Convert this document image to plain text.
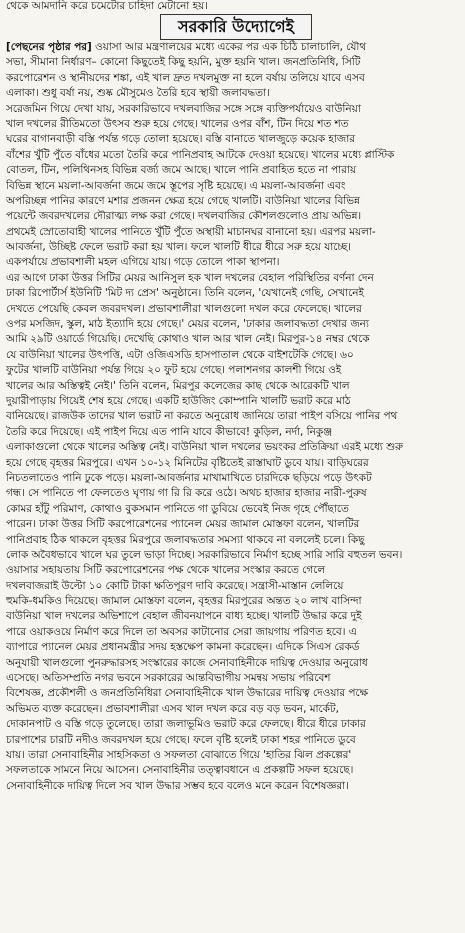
থেকে আমদানি করে চমেটোর চাহিদা মেটানো হয়।
সরকারি উদ্যোগেই
[পেছনের পৃষ্ঠার পর] ওয়াসা আর মন্ত্রণালয়ের মধ্যে একের পর এক চিঠি চালাচালি, যৌথ
সভা, সীমানা নির্ধারণ– কোনো কিছুতেই কিছু হয়নি, মুক্ত হয়নি খাল। জনপ্রতিনিধি, সিটি
করপোরেশন ও স্থানীয়দের শঙ্কা, এই খাল দ্রুত দখলমুক্ত না হলে বর্ষায় তলিয়ে যাবে এসব
এলাকা। শুধু বর্ষা নয়, শুষ্ক মৌসুমেও তৈরি হবে স্থায়ী জলাবদ্ধতা।
সরেজমিন গিয়ে দেখা যায়, সরকারিভাবে দখলবাজির সঙ্গে সঙ্গে ব্যক্তিপর্যায়েও বাউনিয়া
খাল দখলের রীতিমতো উৎসব শুরু হয়ে গেছে। খালের ওপর বাঁশ, টিন দিয়ে শত শত
ঘরের বাগানবাড়ী বস্তি পর্যন্ত গড়ে তোলা হয়েছে। বস্তি বানাতে খালজুড়ে কয়েক হাজার
বাঁশের খুঁটি পুঁতে বাঁধের মতো তৈরি করে পানিপ্রবাহ আটকে দেওয়া হয়েছে। খালের মধ্যে প্লাস্টিক
বোতল, টিন, পলিথিনসহ বিভিন্ন বর্জ্য জমে আছে। খালে পানি প্রবাহিত হতে না পারায়
বিভিন্ন স্থানে ময়লা-আবর্জনা জমে জমে স্তূপের সৃষ্টি হয়েছে। এ ময়লা-আবর্জনা এবং
অপরিচ্ছন্ন পানির কারণে মশার প্রজনন ক্ষেত্র হয়ে গেছে খালটি। বাউনিয়া খালের বিভিন্ন
পয়েন্টে জবরদখলের দৌরাত্ম্য লক্ষ করা গেছে। দখলবাজির কৌশলগুলোও প্রায় অভিন্ন।
প্রথমেই স্রোতোবাহী খালের পানিতে খুঁটি পুঁতে অস্থায়ী মাচানঘর বানানো হয়। এরপর ময়লা-
আবর্জনা, উচ্ছিষ্ট ফেলে ভরাট করা হয় খাল। ফলে খালটি ধীরে ধীরে সরু হয়ে যাচ্ছে।
একপর্যায়ে প্রভাবশালী মহল এগিয়ে যায়। গড়ে তোলে পাকা স্থাপনা।
এর আগে ঢাকা উত্তর সিটির মেয়র আনিসুল হক খাল দখলের বেহাল পরিস্থিতির বর্ণনা দেন
ঢাকা রিপোর্টার্স ইউনিটি 'মিট দ্য প্রেস' অনুষ্ঠানে। তিনি বলেন, 'যেখানেই গেছি, সেখানেই
দেখতে পেয়েছি কেবল জবরদখল। প্রভাবশালীরা খালগুলো দখল করে ফেলেছে। খালের
ওপর মসজিদ, স্কুল, মাঠ ইত্যাদি হয়ে গেছে।' মেয়র বলেন, 'ঢাকার জলাবদ্ধতা দেখার জন্য
আমি ২৯টি ওয়ার্ডে গিয়েছি। দেখেছি কোথাও খাল আর খাল নেই। মিরপুর-১৪ নম্বর থেকে
যে বাউনিয়া খালের উৎপত্তি, এটা ওজিএসডি হাসপাতাল থেকে বাইশটেকি গেছে। ৬০
ফুটের খালটি বাউনিয়া পর্যন্ত গিয়ে ২০ ফুট হয়ে গেছে। পলাশনগর কালশী গিয়ে ওই
খালের আর অস্তিত্বই নেই।' তিনি বলেন, মিরপুর কলেজের কাছ থেকে আরেকটি খাল
দুয়ারীপাড়ায় গিয়েই শেষ হয়ে গেছে। একটি হাউজিং কোম্পানি খালটি ভরাট করে মাঠ
বানিয়েছে। রাজউক তাদের খাল ভরাট না করতে অনুরোধ জানিয়ে তারা পাইপ বসিয়ে পানির পথ
তৈরি করে দিয়েছে। এই পাইপ দিয়ে এত পানি যাবে কীভাবে! কুড়িল, নর্দা, নিকুঞ্জ
এলাকাগুলো থেকে খালের অস্তিত্ব নেই। বাউনিয়া খাল দখলের ভয়ংকর প্রতিক্রিয়া এরই মধ্যে শুরু
হয়ে গেছে বৃহত্তর মিরপুরে। এখন ১০-১২ মিনিটের বৃষ্টিতেই রাস্তাঘাট ডুবে যায়। বাড়িঘরের
নিচতলাতেও পানি ঢুকে পড়ে। ময়লা-আবর্জনার মাখামাখিতে চারদিকে ছড়িয়ে পড়ে উৎকট
গন্ধ। সে পানিতে পা ফেলতেও ঘৃণায় গা রি রি করে ওঠে। অথচ হাজার হাজার নারী-পুরুষ
কোমর হাঁটু পরিমাণ, কোথাও বুকসমান পানিতে গা ডুবিয়ে ভেবেই নিজ গৃহে পৌঁছাতে
পারেন। ঢাকা উত্তর সিটি করপোরেশনের প্যানেল মেয়র জামাল মোস্তফা বলেন, খালটির
পানিপ্রবাহ ঠিক থাকলে বৃহত্তর মিরপুরে জলাবদ্ধতার সমস্যা থাকবে না বললেই চলে। কিছু
লোক অবৈধভাবে খালে ঘর তুলে ভাড়া দিচ্ছে। সরকারিভাবে নির্মাণ হচ্ছে সারি সারি বহুতল ভবন।
ওয়াসার সহায়তায় সিটি করপোরেশনের পক্ষ থেকে খালের সংস্কার করতে গেলে
দখলবাজরাই উল্টো ১০ কোটি টাকা ক্ষতিপূরণ দাবি করেছে। সন্ত্রাসী-মাস্তান লেলিয়ে
হুমকি-ধমকিও দিয়েছে। জামাল মোস্তফা বলেন, বৃহত্তর মিরপুরের অন্তত ২০ লাখ বাসিন্দা
বাউনিয়া খাল দখলের অভিশাপে বেহাল জীবনযাপনে বাধ্য হচ্ছে। খালটি উদ্ধার করে দুই
পারে ওয়াকওয়ে নির্মাণ করে দিলে তা অবসর কাটানোর সেরা জায়গায় পরিণত হবে। এ
ব্যাপারে প্যানেল মেয়র প্রধানমন্ত্রীর সদয় হস্তক্ষেপ কামনা করেছেন। এদিকে সিএস রেকর্ড
অনুযায়ী খালগুলো পুনরুদ্ধারসহ সংস্কারের কাজে সেনাবাহিনীকে দায়িত্ব দেওয়ার অনুরোধ
এসেছে। অতিসম্প্রতি নগর ভবনে সরকারের আন্তবিভাগীয় সমন্বয় সভায় পরিবেশ
বিশেষজ্ঞ, প্রকৌশলী ও জনপ্রতিনিধিরা সেনাবাহিনীকে খাল উদ্ধারের দায়িত্ব দেওয়ার পক্ষে
অভিমত ব্যক্ত করেছেন। প্রভাবশালীরা এসব খাল দখল করে বড় বড় ভবন, মার্কেট,
দোকানপাট ও বস্তি গড়ে তুলেছে। তারা জলাভূমিও ভরাট করে ফেলছে। ধীরে ধীরে ঢাকার
চারপাশের চারটি নদীও জবরদখল হয়ে গেছে। ফলে বৃষ্টি হলেই ঢাকা শহর পানিতে ডুবে
যায়। তারা সেনাবাহিনীর সাহসিকতা ও সফলতা বোঝাতে গিয়ে 'হাতির ঝিল প্রকল্পের'
সফলতাকে সামনে নিয়ে আসেন। সেনাবাহিনীর তত্ত্বাবধানে এ প্রকল্পটি সফল হয়েছে।
সেনাবাহিনীকে দায়িত্ব দিলে সব খাল উদ্ধার সম্ভব হবে বলেও মনে করেন বিশেষজ্ঞরা।
